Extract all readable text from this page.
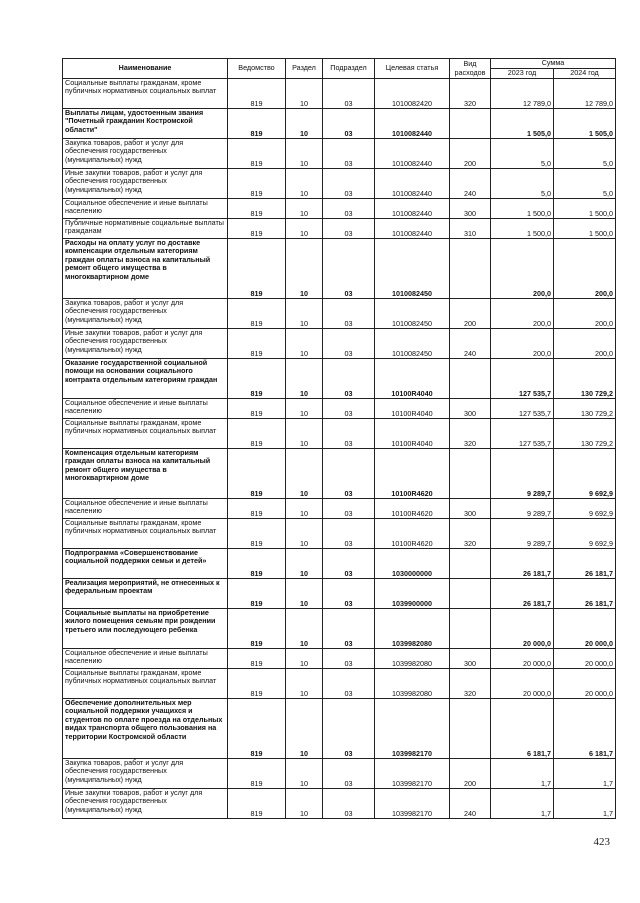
Наименование	Ведомство	Раздел	Подраздел	Целевая статья	Вид расходов	Сумма	
						2023 год	2024 год
Социальные выплаты гражданам, кроме публичных нормативных социальных выплат	819	10	03	1010082420	320	12 789,0	12 789,0
Выплаты лицам, удостоенным звания "Почетный гражданин Костромской области"	819	10	03	1010082440		1 505,0	1 505,0
Закупка товаров, работ и услуг для обеспечения государственных (муниципальных) нужд	819	10	03	1010082440	200	5,0	5,0
Иные закупки товаров, работ и услуг для обеспечения государственных (муниципальных) нужд	819	10	03	1010082440	240	5,0	5,0
Социальное обеспечение и иные выплаты населению	819	10	03	1010082440	300	1 500,0	1 500,0
Публичные нормативные социальные выплаты гражданам	819	10	03	1010082440	310	1 500,0	1 500,0
Расходы на оплату услуг по доставке компенсации отдельным категориям граждан оплаты взноса на капитальный ремонт общего имущества в многоквартирном доме	819	10	03	1010082450		200,0	200,0
Закупка товаров, работ и услуг для обеспечения государственных (муниципальных) нужд	819	10	03	1010082450	200	200,0	200,0
Иные закупки товаров, работ и услуг для обеспечения государственных (муниципальных) нужд	819	10	03	1010082450	240	200,0	200,0
Оказание государственной социальной помощи на основании социального контракта отдельным категориям граждан	819	10	03	10100R4040		127 535,7	130 729,2
Социальное обеспечение и иные выплаты населению	819	10	03	10100R4040	300	127 535,7	130 729,2
Социальные выплаты гражданам, кроме публичных нормативных социальных выплат	819	10	03	10100R4040	320	127 535,7	130 729,2
Компенсация отдельным категориям граждан оплаты взноса на капитальный ремонт общего имущества в многоквартирном доме	819	10	03	10100R4620		9 289,7	9 692,9
Социальное обеспечение и иные выплаты населению	819	10	03	10100R4620	300	9 289,7	9 692,9
Социальные выплаты гражданам, кроме публичных нормативных социальных выплат	819	10	03	10100R4620	320	9 289,7	9 692,9
Подпрограмма «Совершенствование социальной поддержки семьи и детей»	819	10	03	1030000000		26 181,7	26 181,7
Реализация мероприятий, не отнесенных к федеральным проектам	819	10	03	1039900000		26 181,7	26 181,7
Социальные выплаты на приобретение жилого помещения семьям при рождении третьего или последующего ребенка	819	10	03	1039982080		20 000,0	20 000,0
Социальное обеспечение и иные выплаты населению	819	10	03	1039982080	300	20 000,0	20 000,0
Социальные выплаты гражданам, кроме публичных нормативных социальных выплат	819	10	03	1039982080	320	20 000,0	20 000,0
Обеспечение дополнительных мер социальной поддержки учащихся и студентов по оплате проезда на отдельных видах транспорта общего пользования на территории Костромской области	819	10	03	1039982170		6 181,7	6 181,7
Закупка товаров, работ и услуг для обеспечения государственных (муниципальных) нужд	819	10	03	1039982170	200	1,7	1,7
Иные закупки товаров, работ и услуг для обеспечения государственных (муниципальных) нужд	819	10	03	1039982170	240	1,7	1,7
423
